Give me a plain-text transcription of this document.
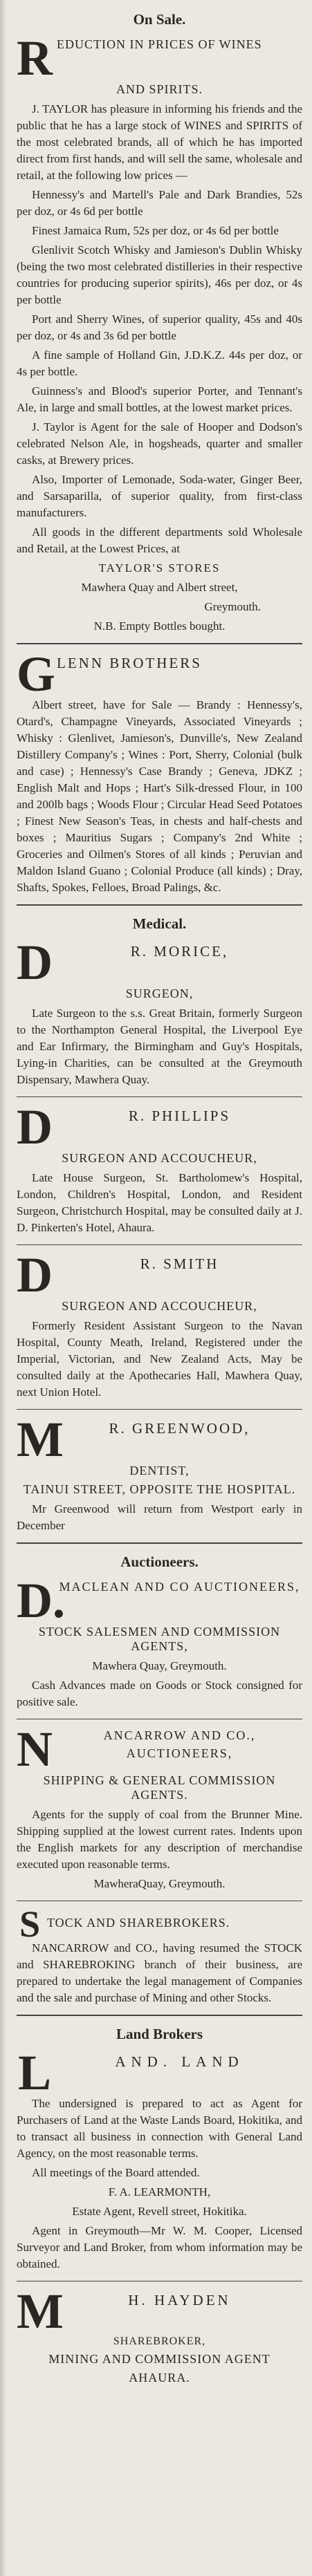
On Sale.
R EDUCTION IN PRICES OF WINES
AND SPIRITS.

J. TAYLOR has pleasure in informing his friends and the public that he has a large stock of WINES and SPIRITS of the most celebrated brands, all of which he has imported direct from first hands, and will sell the same, wholesale and retail, at the following low prices —

Hennessy's and Martell's Pale and Dark Brandies, 52s per doz, or 4s 6d per bottle

Finest Jamaica Rum, 52s per doz, or 4s 6d per bottle

Glenlivit Scotch Whisky and Jamieson's Dublin Whisky (being the two most celebrated distilleries in their respective countries for producing superior spirits), 46s per doz, or 4s per bottle

Port and Sherry Wines, of superior quality, 45s and 40s per doz, or 4s and 3s 6d per bottle

A fine sample of Holland Gin, J.D.K.Z. 44s per doz, or 4s per bottle.

Guinness's and Blood's superior Porter, and Tennant's Ale, in large and small bottles, at the lowest market prices.

J. Taylor is Agent for the sale of Hooper and Dodson's celebrated Nelson Ale, in hogsheads, quarter and smaller casks, at Brewery prices.

Also, Importer of Lemonade, Soda-water, Ginger Beer, and Sarsaparilla, of superior quality, from first-class manufacturers.

All goods in the different departments sold Wholesale and Retail, at the Lowest Prices, at

TAYLOR'S STORES

Mawhera Quay and Albert street,

Greymouth.

N.B. Empty Bottles bought.

G LENN BROTHERS

Albert street, have for Sale — Brandy : Hennessy's, Otard's, Champagne Vineyards, Associated Vineyards ; Whisky : Glenlivet, Jamieson's, Dunville's, New Zealand Distillery Company's ; Wines : Port, Sherry, Colonial (bulk and case) ; Hennessy's Case Brandy ; Geneva, JDKZ ; English Malt and Hops ; Hart's Silk-dressed Flour, in 100 and 200lb bags ; Woods Flour ; Circular Head Seed Potatoes ; Finest New Season's Teas, in chests and half-chests and boxes ; Mauritius Sugars ; Company's 2nd White ; Groceries and Oilmen's Stores of all kinds ; Peruvian and Maldon Island Guano ; Colonial Produce (all kinds) ; Dray, Shafts, Spokes, Felloes, Broad Palings, &c.

Medical.
D	R. MORICE,
SURGEON,

Late Surgeon to the s.s. Great Britain, formerly Surgeon to the Northampton General Hospital, the Liverpool Eye and Ear Infirmary, the Birmingham and Guy's Hospitals, Lying-in Charities, can be consulted at the Greymouth Dispensary, Mawhera Quay.

D	R. PHILLIPS
SURGEON AND ACCOUCHEUR,

Late House Surgeon, St. Bartholomew's Hospital, London, Children's Hospital, London, and Resident Surgeon, Christchurch Hospital, may be consulted daily at J. D. Pinkerten's Hotel, Ahaura.

D	R. SMITH
SURGEON AND ACCOUCHEUR,

Formerly Resident Assistant Surgeon to the Navan Hospital, County Meath, Ireland, Registered under the Imperial, Victorian, and New Zealand Acts, May be consulted daily at the Apothecaries Hall, Mawhera Quay, next Union Hotel.

M	R. GREENWOOD,
DENTIST,
TAINUI STREET, OPPOSITE THE HOSPITAL.

Mr Greenwood will return from Westport early in December

Auctioneers.
D.
MACLEAN AND CO AUCTIONEERS,
STOCK SALESMEN AND COMMISSION AGENTS,

Mawhera Quay, Greymouth.

Cash Advances made on Goods or Stock consigned for positive sale.

N	ANCARROW AND CO., AUCTIONEERS,
SHIPPING & GENERAL COMMISSION AGENTS.

Agents for the supply of coal from the Brunner Mine. Shipping supplied at the lowest current rates. Indents upon the English markets for any description of merchandise executed upon reasonable terms.

MawheraQuay, Greymouth.

S TOCK AND SHAREBROKERS.

NANCARROW and CO., having resumed the STOCK and SHAREBROKING branch of their business, are prepared to undertake the legal management of Companies and the sale and purchase of Mining and other Stocks.

Land Brokers
L	AND. LAND

The undersigned is prepared to act as Agent for Purchasers of Land at the Waste Lands Board, Hokitika, and to transact all business in connection with General Land Agency, on the most reasonable terms.

All meetings of the Board attended.

F. A. LEARMONTH,

Estate Agent, Revell street, Hokitika.

Agent in Greymouth—Mr W. M. Cooper, Licensed Surveyor and Land Broker, from whom information may be obtained.

M	H. HAYDEN
SHAREBROKER,
MINING AND COMMISSION AGENT
AHAURA.
